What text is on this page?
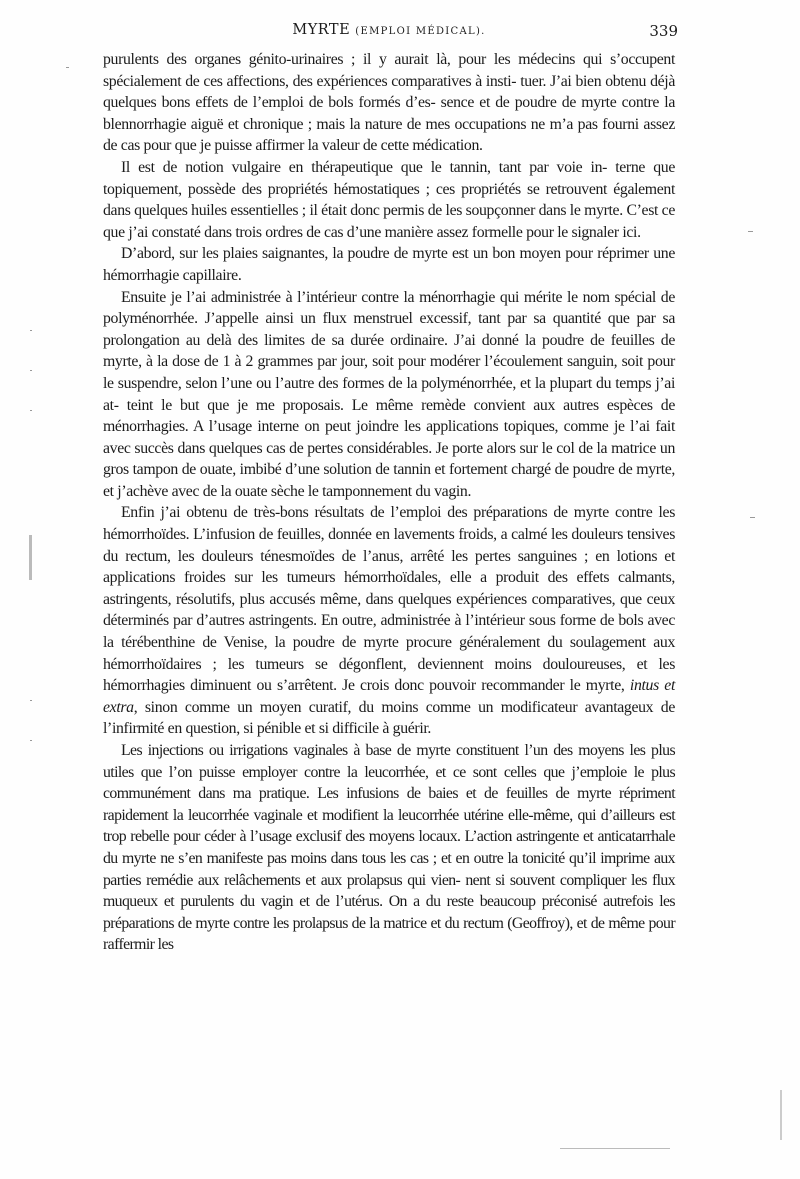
MYRTE (EMPLOI MÉDICAL).	339

purulents des organes génito-urinaires ; il y aurait là, pour les médecins qui s’occupent spécialement de ces affections, des expériences comparatives à insti- tuer. J’ai bien obtenu déjà quelques bons effets de l’emploi de bols formés d’es- sence et de poudre de myrte contre la blennorrhagie aiguë et chronique ; mais la nature de mes occupations ne m’a pas fourni assez de cas pour que je puisse affirmer la valeur de cette médication.

Il est de notion vulgaire en thérapeutique que le tannin, tant par voie in- terne que topiquement, possède des propriétés hémostatiques ; ces propriétés se retrouvent également dans quelques huiles essentielles ; il était donc permis de les soupçonner dans le myrte. C’est ce que j’ai constaté dans trois ordres de cas d’une manière assez formelle pour le signaler ici.

D’abord, sur les plaies saignantes, la poudre de myrte est un bon moyen pour réprimer une hémorrhagie capillaire.

Ensuite je l’ai administrée à l’intérieur contre la ménorrhagie qui mérite le nom spécial de polyménorrhée. J’appelle ainsi un flux menstruel excessif, tant par sa quantité que par sa prolongation au delà des limites de sa durée ordinaire. J’ai donné la poudre de feuilles de myrte, à la dose de 1 à 2 grammes par jour, soit pour modérer l’écoulement sanguin, soit pour le suspendre, selon l’une ou l’autre des formes de la polyménorrhée, et la plupart du temps j’ai at- teint le but que je me proposais. Le même remède convient aux autres espèces de ménorrhagies. A l’usage interne on peut joindre les applications topiques, comme je l’ai fait avec succès dans quelques cas de pertes considérables. Je porte alors sur le col de la matrice un gros tampon de ouate, imbibé d’une solution de tannin et fortement chargé de poudre de myrte, et j’achève avec de la ouate sèche le tamponnement du vagin.

Enfin j’ai obtenu de très-bons résultats de l’emploi des préparations de myrte contre les hémorrhoïdes. L’infusion de feuilles, donnée en lavements froids, a calmé les douleurs tensives du rectum, les douleurs ténesmoïdes de l’anus, arrêté les pertes sanguines ; en lotions et applications froides sur les tumeurs hémorrhoïdales, elle a produit des effets calmants, astringents, résolutifs, plus accusés même, dans quelques expériences comparatives, que ceux déterminés par d’autres astringents. En outre, administrée à l’intérieur sous forme de bols avec la térébenthine de Venise, la poudre de myrte procure généralement du soulagement aux hémorrhoïdaires ; les tumeurs se dégonflent, deviennent moins douloureuses, et les hémorrhagies diminuent ou s’arrêtent. Je crois donc pouvoir recommander le myrte, intus et extra, sinon comme un moyen curatif, du moins comme un modificateur avantageux de l’infirmité en question, si pénible et si difficile à guérir.

Les injections ou irrigations vaginales à base de myrte constituent l’un des moyens les plus utiles que l’on puisse employer contre la leucorrhée, et ce sont celles que j’emploie le plus communément dans ma pratique. Les infusions de baies et de feuilles de myrte répriment rapidement la leucorrhée vaginale et modifient la leucorrhée utérine elle-même, qui d’ailleurs est trop rebelle pour céder à l’usage exclusif des moyens locaux. L’action astringente et anticatarrhale du myrte ne s’en manifeste pas moins dans tous les cas ; et en outre la tonicité qu’il imprime aux parties remédie aux relâchements et aux prolapsus qui vien- nent si souvent compliquer les flux muqueux et purulents du vagin et de l’utérus. On a du reste beaucoup préconisé autrefois les préparations de myrte contre les prolapsus de la matrice et du rectum (Geoffroy), et de même pour raffermir les
